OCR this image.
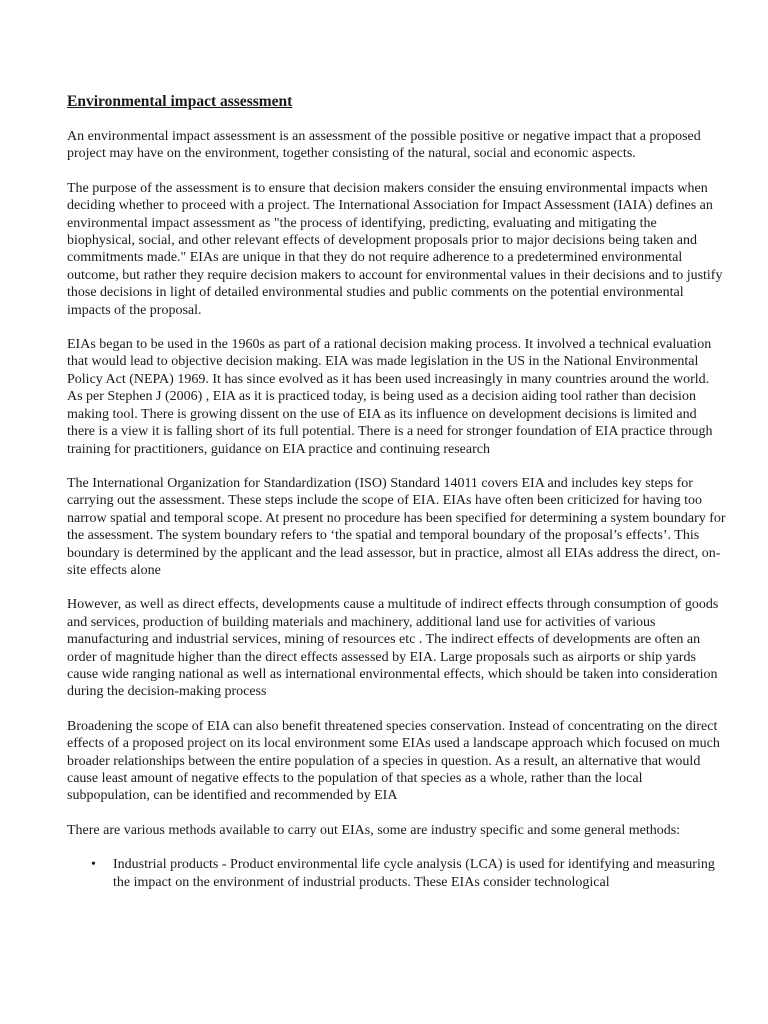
Environmental impact assessment

An environmental impact assessment is an assessment of the possible positive or negative impact that a proposed project may have on the environment, together consisting of the natural, social and economic aspects.

The purpose of the assessment is to ensure that decision makers consider the ensuing environmental impacts when deciding whether to proceed with a project. The International Association for Impact Assessment (IAIA) defines an environmental impact assessment as "the process of identifying, predicting, evaluating and mitigating the biophysical, social, and other relevant effects of development proposals prior to major decisions being taken and commitments made." EIAs are unique in that they do not require adherence to a predetermined environmental outcome, but rather they require decision makers to account for environmental values in their decisions and to justify those decisions in light of detailed environmental studies and public comments on the potential environmental impacts of the proposal.

EIAs began to be used in the 1960s as part of a rational decision making process. It involved a technical evaluation that would lead to objective decision making. EIA was made legislation in the US in the National Environmental Policy Act (NEPA) 1969. It has since evolved as it has been used increasingly in many countries around the world. As per Stephen J (2006) , EIA as it is practiced today, is being used as a decision aiding tool rather than decision making tool. There is growing dissent on the use of EIA as its influence on development decisions is limited and there is a view it is falling short of its full potential. There is a need for stronger foundation of EIA practice through training for practitioners, guidance on EIA practice and continuing research

The International Organization for Standardization (ISO) Standard 14011 covers EIA and includes key steps for carrying out the assessment. These steps include the scope of EIA. EIAs have often been criticized for having too narrow spatial and temporal scope. At present no procedure has been specified for determining a system boundary for the assessment. The system boundary refers to ‘the spatial and temporal boundary of the proposal’s effects’. This boundary is determined by the applicant and the lead assessor, but in practice, almost all EIAs address the direct, on-site effects alone

However, as well as direct effects, developments cause a multitude of indirect effects through consumption of goods and services, production of building materials and machinery, additional land use for activities of various manufacturing and industrial services, mining of resources etc . The indirect effects of developments are often an order of magnitude higher than the direct effects assessed by EIA. Large proposals such as airports or ship yards cause wide ranging national as well as international environmental effects, which should be taken into consideration during the decision-making process

Broadening the scope of EIA can also benefit threatened species conservation. Instead of concentrating on the direct effects of a proposed project on its local environment some EIAs used a landscape approach which focused on much broader relationships between the entire population of a species in question. As a result, an alternative that would cause least amount of negative effects to the population of that species as a whole, rather than the local subpopulation, can be identified and recommended by EIA

There are various methods available to carry out EIAs, some are industry specific and some general methods:

• Industrial products - Product environmental life cycle analysis (LCA) is used for identifying and measuring the impact on the environment of industrial products. These EIAs consider technological
